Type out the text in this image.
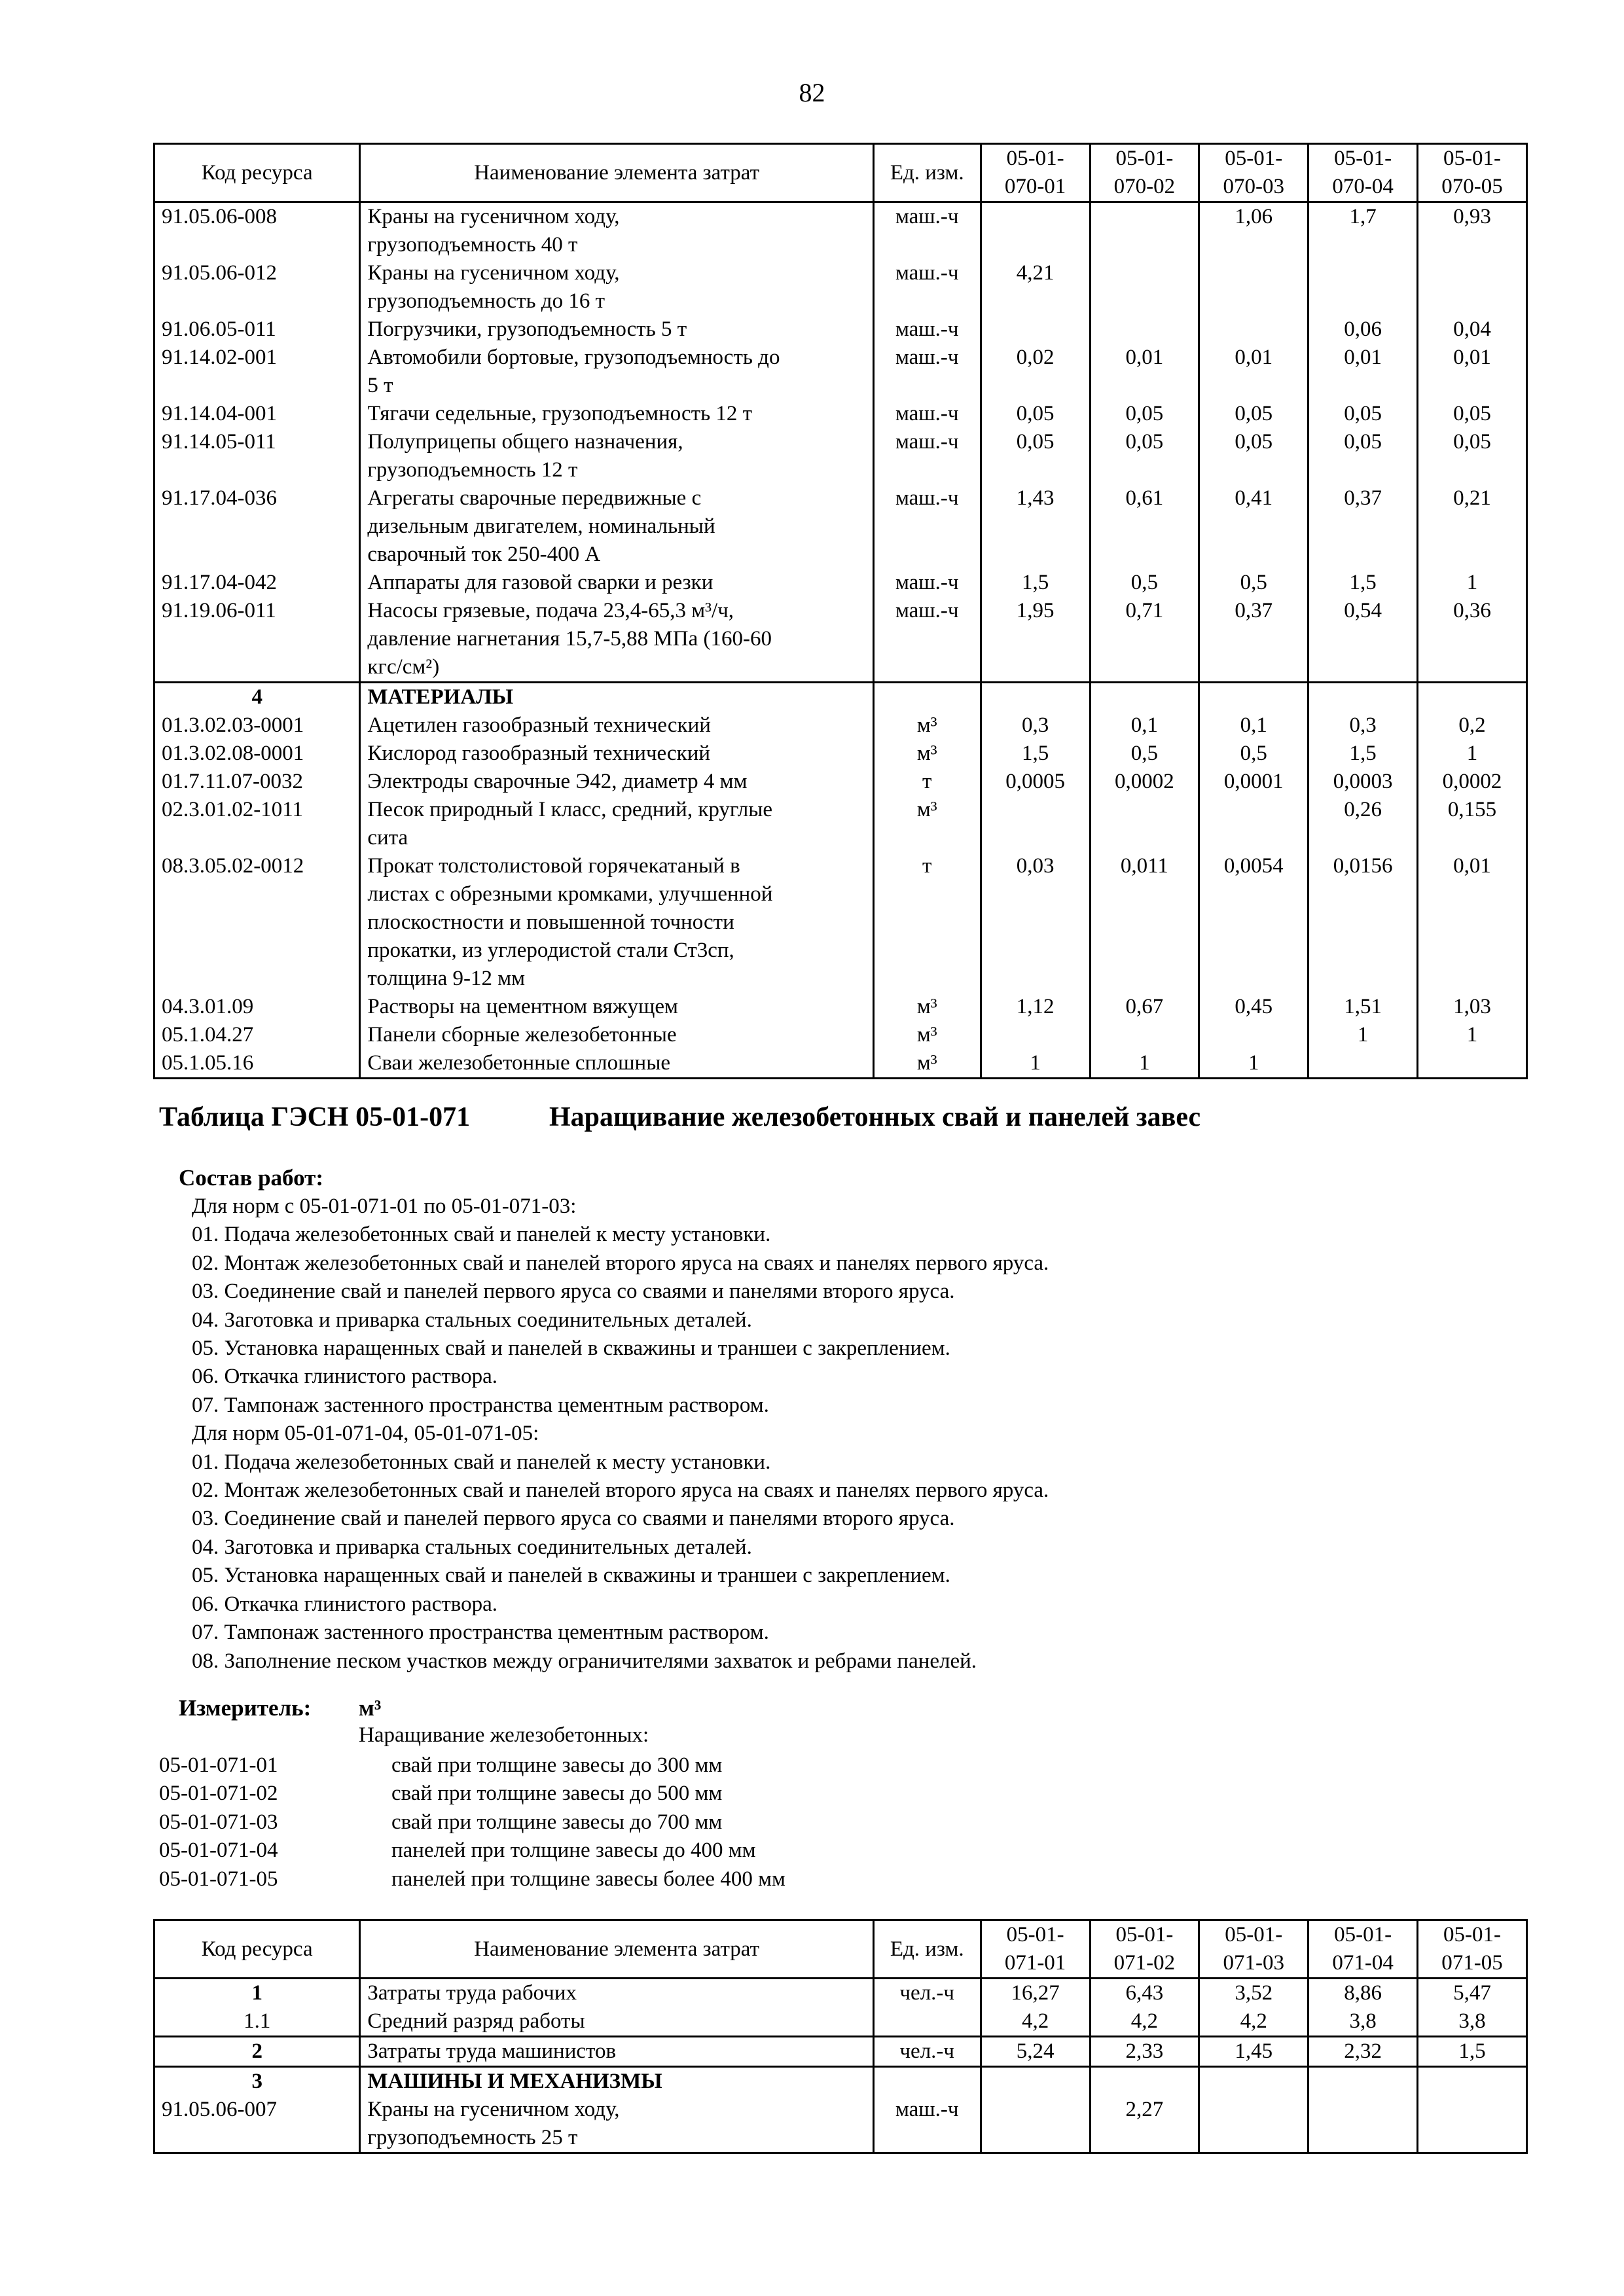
82
Код ресурса	Наименование элемента затрат	Ед. изм.	05-01-
070-01	05-01-
070-02	05-01-
070-03	05-01-
070-04	05-01-
070-05
91.05.06-008	Краны на гусеничном ходу,
грузоподъемность 40 т	маш.-ч			1,06	1,7	0,93
91.05.06-012	Краны на гусеничном ходу,
грузоподъемность до 16 т	маш.-ч	4,21				
91.06.05-011	Погрузчики, грузоподъемность 5 т	маш.-ч				0,06	0,04
91.14.02-001	Автомобили бортовые, грузоподъемность до
5 т	маш.-ч	0,02	0,01	0,01	0,01	0,01
91.14.04-001	Тягачи седельные, грузоподъемность 12 т	маш.-ч	0,05	0,05	0,05	0,05	0,05
91.14.05-011	Полуприцепы общего назначения,
грузоподъемность 12 т	маш.-ч	0,05	0,05	0,05	0,05	0,05
91.17.04-036	Агрегаты сварочные передвижные с
дизельным двигателем, номинальный
сварочный ток 250-400 А	маш.-ч	1,43	0,61	0,41	0,37	0,21
91.17.04-042	Аппараты для газовой сварки и резки	маш.-ч	1,5	0,5	0,5	1,5	1
91.19.06-011	Насосы грязевые, подача 23,4-65,3 м³/ч,
давление нагнетания 15,7-5,88 МПа (160-60
кгс/см²)	маш.-ч	1,95	0,71	0,37	0,54	0,36
4	МАТЕРИАЛЫ						
01.3.02.03-0001	Ацетилен газообразный технический	м³	0,3	0,1	0,1	0,3	0,2
01.3.02.08-0001	Кислород газообразный технический	м³	1,5	0,5	0,5	1,5	1
01.7.11.07-0032	Электроды сварочные Э42, диаметр 4 мм	т	0,0005	0,0002	0,0001	0,0003	0,0002
02.3.01.02-1011	Песок природный I класс, средний, круглые
сита	м³				0,26	0,155
08.3.05.02-0012	Прокат толстолистовой горячекатаный в
листах с обрезными кромками, улучшенной
плоскостности и повышенной точности
прокатки, из углеродистой стали Ст3сп,
толщина 9-12 мм	т	0,03	0,011	0,0054	0,0156	0,01
04.3.01.09	Растворы на цементном вяжущем	м³	1,12	0,67	0,45	1,51	1,03
05.1.04.27	Панели сборные железобетонные	м³				1	1
05.1.05.16	Сваи железобетонные сплошные	м³	1	1	1		
Таблица ГЭСН 05-01-071	Наращивание железобетонных свай и панелей завес
Состав работ:
Для норм с 05-01-071-01 по 05-01-071-03:
01. Подача железобетонных свай и панелей к месту установки.
02. Монтаж железобетонных свай и панелей второго яруса на сваях и панелях первого яруса.
03. Соединение свай и панелей первого яруса со сваями и панелями второго яруса.
04. Заготовка и приварка стальных соединительных деталей.
05. Установка наращенных свай и панелей в скважины и траншеи с закреплением.
06. Откачка глинистого раствора.
07. Тампонаж застенного пространства цементным раствором.
Для норм 05-01-071-04, 05-01-071-05:
01. Подача железобетонных свай и панелей к месту установки.
02. Монтаж железобетонных свай и панелей второго яруса на сваях и панелях первого яруса.
03. Соединение свай и панелей первого яруса со сваями и панелями второго яруса.
04. Заготовка и приварка стальных соединительных деталей.
05. Установка наращенных свай и панелей в скважины и траншеи с закреплением.
06. Откачка глинистого раствора.
07. Тампонаж застенного пространства цементным раствором.
08. Заполнение песком участков между ограничителями захваток и ребрами панелей.
Измеритель: м³
Наращивание железобетонных:
05-01-071-01	свай при толщине завесы до 300 мм
05-01-071-02	свай при толщине завесы до 500 мм
05-01-071-03	свай при толщине завесы до 700 мм
05-01-071-04	панелей при толщине завесы до 400 мм
05-01-071-05	панелей при толщине завесы более 400 мм
Код ресурса	Наименование элемента затрат	Ед. изм.	05-01-
071-01	05-01-
071-02	05-01-
071-03	05-01-
071-04	05-01-
071-05
1	Затраты труда рабочих	чел.-ч	16,27	6,43	3,52	8,86	5,47
1.1	Средний разряд работы		4,2	4,2	4,2	3,8	3,8
2	Затраты труда машинистов	чел.-ч	5,24	2,33	1,45	2,32	1,5
3	МАШИНЫ И МЕХАНИЗМЫ						
91.05.06-007	Краны на гусеничном ходу,
грузоподъемность 25 т	маш.-ч		2,27			
